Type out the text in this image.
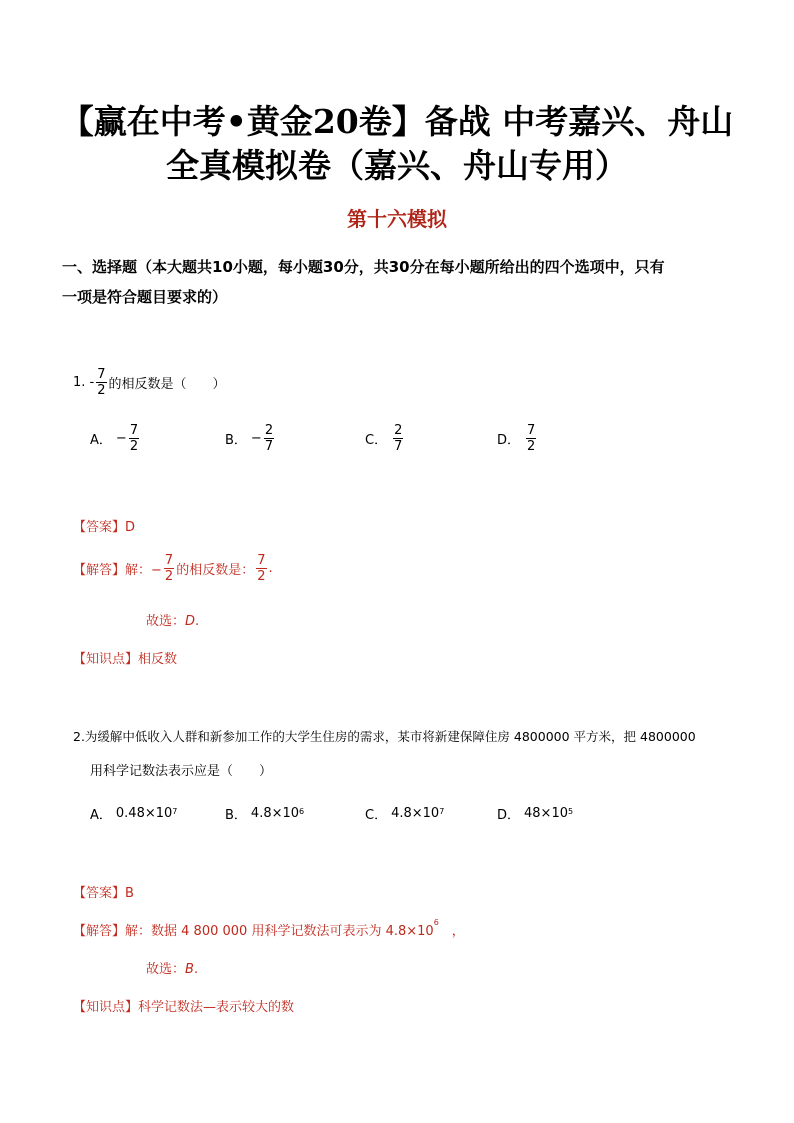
【赢在中考•黄金20卷】备战 中考嘉兴、舟山
全真模拟卷（嘉兴、舟山专用）
第十六模拟
一、选择题（本大题共10小题，每小题30分，共30分在每小题所给出的四个选项中，只有
一项是符合题目要求的）
1. - $\frac{7}{2}$ 的相反数是（　　）
A． − $\frac{7}{2}$	B． − $\frac{2}{7}$	C． $\frac{2}{7}$	D． $\frac{7}{2}$
【答案】D
【解答】 解：− $\frac{7}{2}$ 的相反数是： $\frac{7}{2}$ .
故选：D.
【知识点】相反数
2.为缓解中低收入人群和新参加工作的大学生住房的需求，某市将新建保障住房 4800000 平方米，把 4800000
用科学记数法表示应是（　　）
A． $0.48\times 10^7$	B． $4.8\times 10^6$	C． $4.8\times 10^7$	D． $48\times 10^5$
【答案】B
【解答】解：数据 4 800 000 用科学记数法可表示为 $4.8\times 10^6$　，
故选：B.
【知识点】科学记数法—表示较大的数
